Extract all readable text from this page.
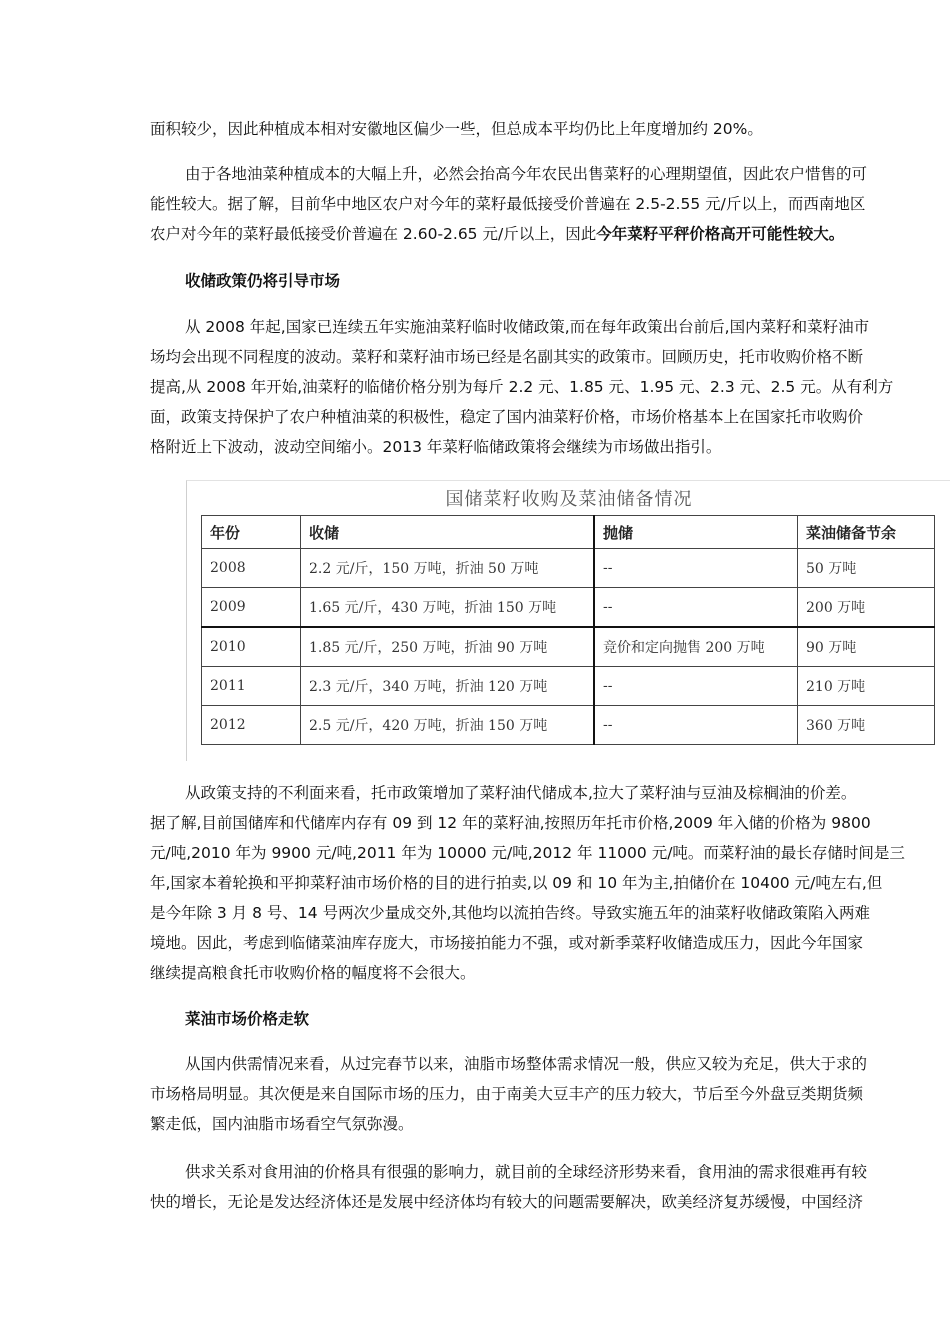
面积较少，因此种植成本相对安徽地区偏少一些，但总成本平均仍比上年度增加约 20%。

由于各地油菜种植成本的大幅上升，必然会抬高今年农民出售菜籽的心理期望值，因此农户惜售的可
能性较大。据了解，目前华中地区农户对今年的菜籽最低接受价普遍在 2.5-2.55 元/斤以上，而西南地区
农户对今年的菜籽最低接受价普遍在 2.60-2.65 元/斤以上，因此今年菜籽平秤价格高开可能性较大。

收储政策仍将引导市场

从 2008 年起,国家已连续五年实施油菜籽临时收储政策,而在每年政策出台前后,国内菜籽和菜籽油市
场均会出现不同程度的波动。菜籽和菜籽油市场已经是名副其实的政策市。回顾历史，托市收购价格不断
提高,从 2008 年开始,油菜籽的临储价格分别为每斤 2.2 元、1.85 元、1.95 元、2.3 元、2.5 元。从有利方
面，政策支持保护了农户种植油菜的积极性，稳定了国内油菜籽价格，市场价格基本上在国家托市收购价
格附近上下波动，波动空间缩小。2013 年菜籽临储政策将会继续为市场做出指引。

国储菜籽收购及菜油储备情况
年份	收储	抛储	菜油储备节余
2008	2.2 元/斤，150 万吨，折油 50 万吨	--	50 万吨
2009	1.65 元/斤，430 万吨，折油 150 万吨	--	200 万吨
2010	1.85 元/斤，250 万吨，折油 90 万吨	竞价和定向抛售 200 万吨	90 万吨
2011	2.3 元/斤，340 万吨，折油 120 万吨	--	210 万吨
2012	2.5 元/斤，420 万吨，折油 150 万吨	--	360 万吨

从政策支持的不利面来看，托市政策增加了菜籽油代储成本,拉大了菜籽油与豆油及棕榈油的价差。
据了解,目前国储库和代储库内存有 09 到 12 年的菜籽油,按照历年托市价格,2009 年入储的价格为 9800
元/吨,2010 年为 9900 元/吨,2011 年为 10000 元/吨,2012 年 11000 元/吨。而菜籽油的最长存储时间是三
年,国家本着轮换和平抑菜籽油市场价格的目的进行拍卖,以 09 和 10 年为主,拍储价在 10400 元/吨左右,但
是今年除 3 月 8 号、14 号两次少量成交外,其他均以流拍告终。导致实施五年的油菜籽收储政策陷入两难
境地。因此，考虑到临储菜油库存庞大，市场接拍能力不强，或对新季菜籽收储造成压力，因此今年国家
继续提高粮食托市收购价格的幅度将不会很大。

菜油市场价格走软

从国内供需情况来看，从过完春节以来，油脂市场整体需求情况一般，供应又较为充足，供大于求的
市场格局明显。其次便是来自国际市场的压力，由于南美大豆丰产的压力较大，节后至今外盘豆类期货频
繁走低，国内油脂市场看空气氛弥漫。

供求关系对食用油的价格具有很强的影响力，就目前的全球经济形势来看，食用油的需求很难再有较
快的增长，无论是发达经济体还是发展中经济体均有较大的问题需要解决，欧美经济复苏缓慢，中国经济
